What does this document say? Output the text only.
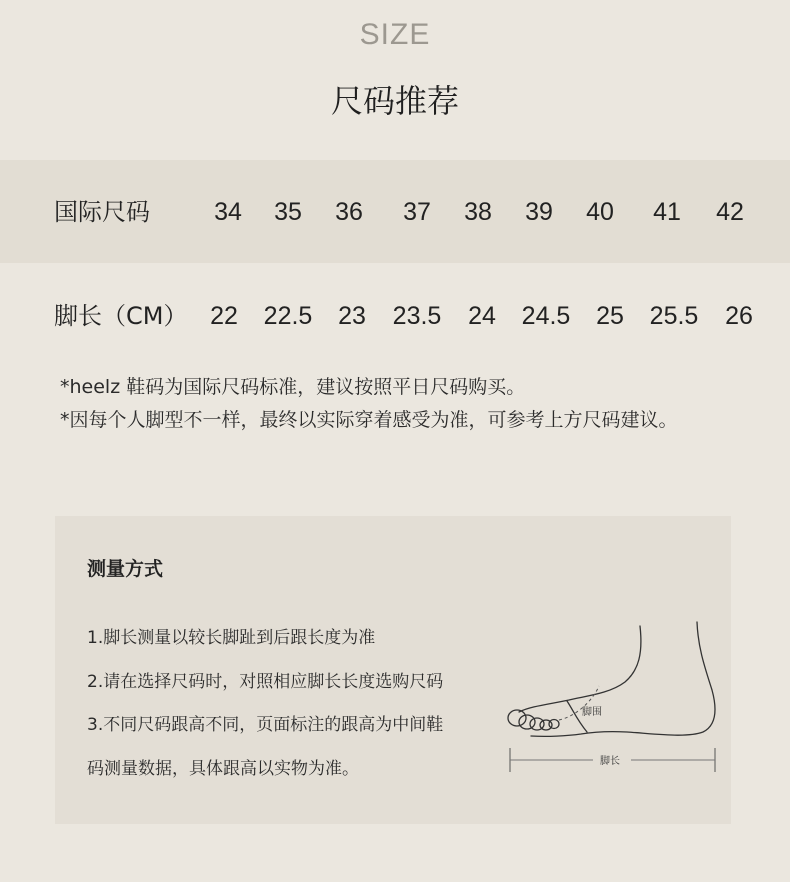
SIZE
尺码推荐
国际尺码	34 35 36 37 38 39 40 41 42
脚长（CM） 22 22.5 23 23.5 24 24.5 25 25.5 26
*heelz 鞋码为国际尺码标准，建议按照平日尺码购买。
*因每个人脚型不一样，最终以实际穿着感受为准，可参考上方尺码建议。
测量方式
1.脚长测量以较长脚趾到后跟长度为准
2.请在选择尺码时，对照相应脚长长度选购尺码
3.不同尺码跟高不同，页面标注的跟高为中间鞋
码测量数据，具体跟高以实物为准。
脚围
脚长
